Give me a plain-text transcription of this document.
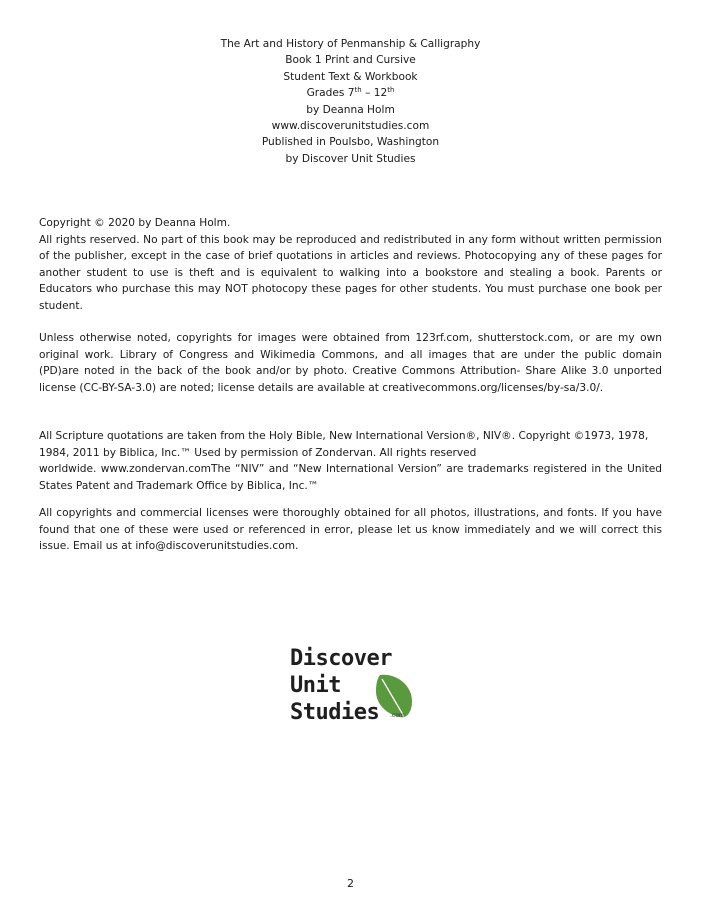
The Art and History of Penmanship & Calligraphy
Book 1 Print and Cursive
Student Text & Workbook
Grades 7th – 12th
by Deanna Holm
www.discoverunitstudies.com
Published in Poulsbo, Washington
by Discover Unit Studies

Copyright © 2020 by Deanna Holm.

All rights reserved. No part of this book may be reproduced and redistributed in any form without written permission of the publisher, except in the case of brief quotations in articles and reviews. Photocopying any of these pages for another student to use is theft and is equivalent to walking into a bookstore and stealing a book. Parents or Educators who purchase this may NOT photocopy these pages for other students. You must purchase one book per student.

Unless otherwise noted, copyrights for images were obtained from 123rf.com, shutterstock.com, or are my own original work. Library of Congress and Wikimedia Commons, and all images that are under the public domain (PD)are noted in the back of the book and/or by photo. Creative Commons Attribution- Share Alike 3.0 unported license (CC-BY-SA-3.0) are noted; license details are available at creativecommons.org/licenses/by-sa/3.0/.

All Scripture quotations are taken from the Holy Bible, New International Version®, NIV®. Copyright ©1973, 1978, 1984, 2011 by Biblica, Inc.™ Used by permission of Zondervan. All rights reserved

worldwide. www.zondervan.comThe “NIV” and “New International Version” are trademarks registered in the United States Patent and Trademark Office by Biblica, Inc.™

All copyrights and commercial licenses were thoroughly obtained for all photos, illustrations, and fonts. If you have found that one of these were used or referenced in error, please let us know immediately and we will correct this issue. Email us at info@discoverunitstudies.com.

Discover
Unit
Studies	.com
2
